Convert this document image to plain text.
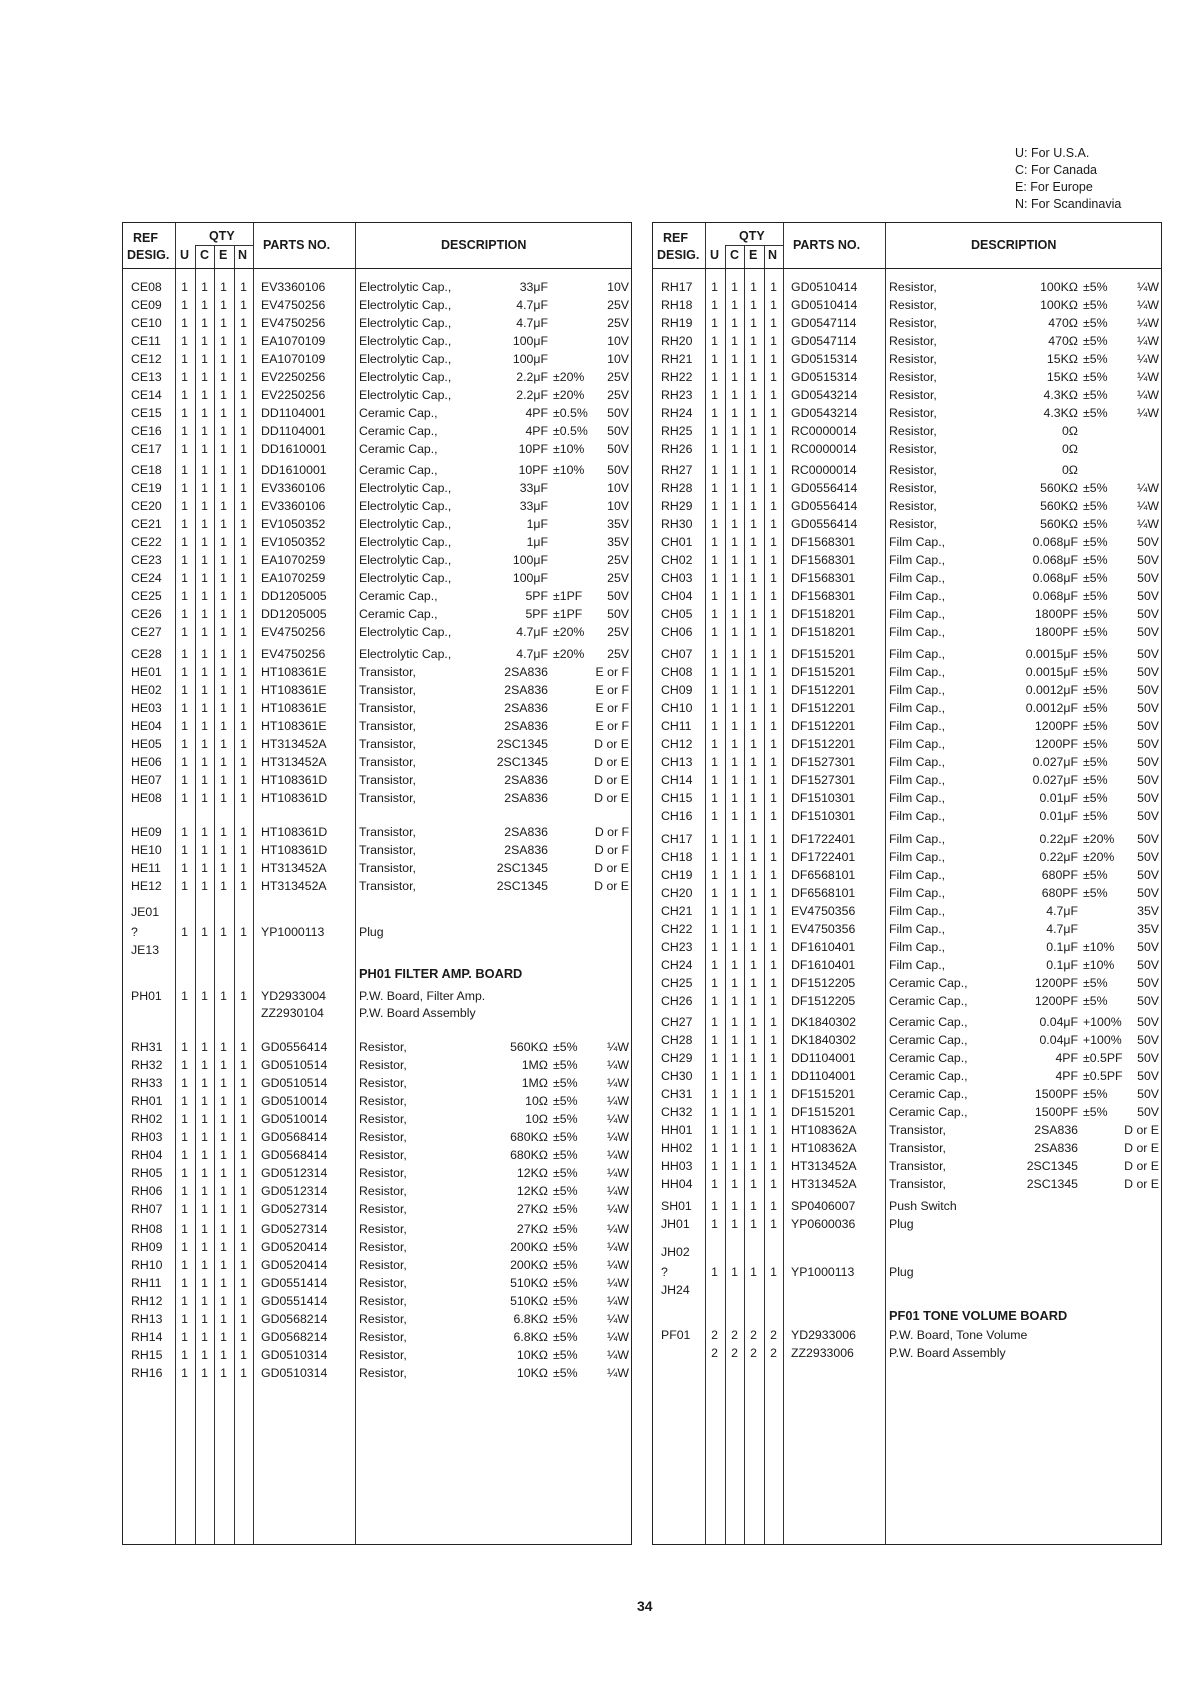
U: For U.S.A.
C: For Canada
E: For Europe
N: For Scandinavia
REF
DESIG.
QTY
U C E N
PARTS NO.	DESCRIPTION
PH01 FILTER AMP. BOARD
CE08	1	1 1	1	EV3360106	Electrolytic Cap.,	33μF	10V
CE09	1	1 1	1	EV4750256	Electrolytic Cap.,	4.7μF	25V
CE10	1	1 1	1	EV4750256	Electrolytic Cap.,	4.7μF	25V
CE11	1	1 1	1	EA1070109	Electrolytic Cap.,	100μF	10V
CE12	1	1 1	1	EA1070109	Electrolytic Cap.,	100μF	10V
CE13	1	1 1	1	EV2250256	Electrolytic Cap.,	2.2μF ±20%	25V
CE14	1	1 1	1	EV2250256	Electrolytic Cap.,	2.2μF ±20%	25V
CE15	1	1 1	1	DD1104001	Ceramic Cap.,	4PF ±0.5%	50V
CE16	1	1 1	1	DD1104001	Ceramic Cap.,	4PF ±0.5%	50V
CE17	1	1 1	1	DD1610001	Ceramic Cap.,	10PF ±10%	50V
CE18	1	1 1	1	DD1610001	Ceramic Cap.,	10PF ±10%	50V
CE19	1	1 1	1	EV3360106	Electrolytic Cap.,	33μF	10V
CE20	1	1 1	1	EV3360106	Electrolytic Cap.,	33μF	10V
CE21	1	1 1	1	EV1050352	Electrolytic Cap.,	1μF	35V
CE22	1	1 1	1	EV1050352	Electrolytic Cap.,	1μF	35V
CE23	1	1 1	1	EA1070259	Electrolytic Cap.,	100μF	25V
CE24	1	1 1	1	EA1070259	Electrolytic Cap.,	100μF	25V
CE25	1	1 1	1	DD1205005	Ceramic Cap.,	5PF ±1PF	50V
CE26	1	1 1	1	DD1205005	Ceramic Cap.,	5PF ±1PF	50V
CE27	1	1 1	1	EV4750256	Electrolytic Cap.,	4.7μF ±20%	25V
CE28	1	1 1	1	EV4750256	Electrolytic Cap.,	4.7μF ±20%	25V
HE01	1	1 1	1	HT108361E	Transistor,	2SA836	E or F
HE02	1	1 1	1	HT108361E	Transistor,	2SA836	E or F
HE03	1	1 1	1	HT108361E	Transistor,	2SA836	E or F
HE04	1	1 1	1	HT108361E	Transistor,	2SA836	E or F
HE05	1	1 1	1	HT313452A	Transistor,	2SC1345	D or E
HE06	1	1 1	1	HT313452A	Transistor,	2SC1345	D or E
HE07	1	1 1	1	HT108361D	Transistor,	2SA836	D or E
HE08	1	1 1	1	HT108361D	Transistor,	2SA836	D or E
HE09	1	1 1	1	HT108361D	Transistor,	2SA836	D or F
HE10	1	1 1	1	HT108361D	Transistor,	2SA836	D or F
HE11	1	1 1	1	HT313452A	Transistor,	2SC1345	D or E
HE12	1	1 1	1	HT313452A	Transistor,	2SC1345	D or E
JE01
?	1	1 1	1	YP1000113	Plug
JE13
PH01	1	1 1	1	YD2933004	P.W. Board, Filter Amp.
ZZ2930104	P.W. Board Assembly
RH31	1	1 1	1	GD0556414	Resistor,	560KΩ ±5%	¼W
RH32	1	1 1	1	GD0510514	Resistor,	1MΩ ±5%	¼W
RH33	1	1 1	1	GD0510514	Resistor,	1MΩ ±5%	¼W
RH01	1	1 1	1	GD0510014	Resistor,	10Ω ±5%	¼W
RH02	1	1 1	1	GD0510014	Resistor,	10Ω ±5%	¼W
RH03	1	1 1	1	GD0568414	Resistor,	680KΩ ±5%	¼W
RH04	1	1 1	1	GD0568414	Resistor,	680KΩ ±5%	¼W
RH05	1	1 1	1	GD0512314	Resistor,	12KΩ ±5%	¼W
RH06	1	1 1	1	GD0512314	Resistor,	12KΩ ±5%	¼W
RH07	1	1 1	1	GD0527314	Resistor,	27KΩ ±5%	¼W
RH08	1	1 1	1	GD0527314	Resistor,	27KΩ ±5%	¼W
RH09	1	1 1	1	GD0520414	Resistor,	200KΩ ±5%	¼W
RH10	1	1 1	1	GD0520414	Resistor,	200KΩ ±5%	¼W
RH11	1	1 1	1	GD0551414	Resistor,	510KΩ ±5%	¼W
RH12	1	1 1	1	GD0551414	Resistor,	510KΩ ±5%	¼W
RH13	1	1 1	1	GD0568214	Resistor,	6.8KΩ ±5%	¼W
RH14	1	1 1	1	GD0568214	Resistor,	6.8KΩ ±5%	¼W
RH15	1	1 1	1	GD0510314	Resistor,	10KΩ ±5%	¼W
RH16	1	1 1	1	GD0510314	Resistor,	10KΩ ±5%	¼W
REF
DESIG.
QTY
U C E N
PARTS NO.	DESCRIPTION
PF01 TONE VOLUME BOARD
RH17	1	1 1	1	GD0510414	Resistor,	100KΩ ±5%	¼W
RH18	1	1 1	1	GD0510414	Resistor,	100KΩ ±5%	¼W
RH19	1	1 1	1	GD0547114	Resistor,	470Ω ±5%	¼W
RH20	1	1 1	1	GD0547114	Resistor,	470Ω ±5%	¼W
RH21	1	1 1	1	GD0515314	Resistor,	15KΩ ±5%	¼W
RH22	1	1 1	1	GD0515314	Resistor,	15KΩ ±5%	¼W
RH23	1	1 1	1	GD0543214	Resistor,	4.3KΩ ±5%	¼W
RH24	1	1 1	1	GD0543214	Resistor,	4.3KΩ ±5%	¼W
RH25	1	1 1	1	RC0000014	Resistor,	0Ω
RH26	1	1 1	1	RC0000014	Resistor,	0Ω
RH27	1	1 1	1	RC0000014	Resistor,	0Ω
RH28	1	1 1	1	GD0556414	Resistor,	560KΩ ±5%	¼W
RH29	1	1 1	1	GD0556414	Resistor,	560KΩ ±5%	¼W
RH30	1	1 1	1	GD0556414	Resistor,	560KΩ ±5%	¼W
CH01	1	1 1	1	DF1568301	Film Cap.,	0.068μF ±5%	50V
CH02	1	1 1	1	DF1568301	Film Cap.,	0.068μF ±5%	50V
CH03	1	1 1	1	DF1568301	Film Cap.,	0.068μF ±5%	50V
CH04	1	1 1	1	DF1568301	Film Cap.,	0.068μF ±5%	50V
CH05	1	1 1	1	DF1518201	Film Cap.,	1800PF ±5%	50V
CH06	1	1 1	1	DF1518201	Film Cap.,	1800PF ±5%	50V
CH07	1	1 1	1	DF1515201	Film Cap.,	0.0015μF ±5%	50V
CH08	1	1 1	1	DF1515201	Film Cap.,	0.0015μF ±5%	50V
CH09	1	1 1	1	DF1512201	Film Cap.,	0.0012μF ±5%	50V
CH10	1	1 1	1	DF1512201	Film Cap.,	0.0012μF ±5%	50V
CH11	1	1 1	1	DF1512201	Film Cap.,	1200PF ±5%	50V
CH12	1	1 1	1	DF1512201	Film Cap.,	1200PF ±5%	50V
CH13	1	1 1	1	DF1527301	Film Cap.,	0.027μF ±5%	50V
CH14	1	1 1	1	DF1527301	Film Cap.,	0.027μF ±5%	50V
CH15	1	1 1	1	DF1510301	Film Cap.,	0.01μF ±5%	50V
CH16	1	1 1	1	DF1510301	Film Cap.,	0.01μF ±5%	50V
CH17	1	1 1	1	DF1722401	Film Cap.,	0.22μF ±20%	50V
CH18	1	1 1	1	DF1722401	Film Cap.,	0.22μF ±20%	50V
CH19	1	1 1	1	DF6568101	Film Cap.,	680PF ±5%	50V
CH20	1	1 1	1	DF6568101	Film Cap.,	680PF ±5%	50V
CH21	1	1 1	1	EV4750356	Film Cap.,	4.7μF	35V
CH22	1	1 1	1	EV4750356	Film Cap.,	4.7μF	35V
CH23	1	1 1	1	DF1610401	Film Cap.,	0.1μF ±10%	50V
CH24	1	1 1	1	DF1610401	Film Cap.,	0.1μF ±10%	50V
CH25	1	1 1	1	DF1512205	Ceramic Cap.,	1200PF ±5%	50V
CH26	1	1 1	1	DF1512205	Ceramic Cap.,	1200PF ±5%	50V
CH27	1	1 1	1	DK1840302	Ceramic Cap.,	0.04μF +100%	50V
CH28	1	1 1	1	DK1840302	Ceramic Cap.,	0.04μF +100%	50V
CH29	1	1 1	1	DD1104001	Ceramic Cap.,	4PF ±0.5PF	50V
CH30	1	1 1	1	DD1104001	Ceramic Cap.,	4PF ±0.5PF	50V
CH31	1	1 1	1	DF1515201	Ceramic Cap.,	1500PF ±5%	50V
CH32	1	1 1	1	DF1515201	Ceramic Cap.,	1500PF ±5%	50V
HH01	1	1 1	1	HT108362A	Transistor,	2SA836	D or E
HH02	1	1 1	1	HT108362A	Transistor,	2SA836	D or E
HH03	1	1 1	1	HT313452A	Transistor,	2SC1345	D or E
HH04	1	1 1	1	HT313452A	Transistor,	2SC1345	D or E
SH01	1	1 1	1	SP0406007	Push Switch
JH01	1	1 1	1	YP0600036	Plug
JH02
?	1	1 1	1	YP1000113	Plug
JH24
PF01	2	2 2	2	YD2933006	P.W. Board, Tone Volume
2	2 2	2	ZZ2933006	P.W. Board Assembly
34
